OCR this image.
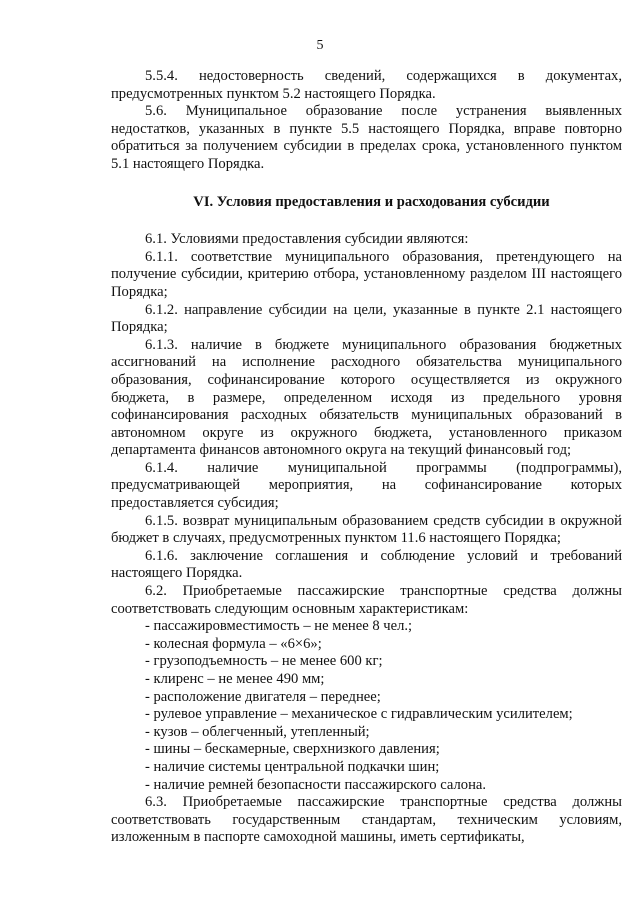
5

5.5.4. недостоверность сведений, содержащихся в документах, предусмотренных пунктом 5.2 настоящего Порядка.

5.6. Муниципальное образование после устранения выявленных недостатков, указанных в пункте 5.5 настоящего Порядка, вправе повторно обратиться за получением субсидии в пределах срока, установленного пунктом 5.1 настоящего Порядка.

VI. Условия предоставления и расходования субсидии

6.1. Условиями предоставления субсидии являются:

6.1.1. соответствие муниципального образования, претендующего на получение субсидии, критерию отбора, установленному разделом III настоящего Порядка;

6.1.2. направление субсидии на цели, указанные в пункте 2.1 настоящего Порядка;

6.1.3. наличие в бюджете муниципального образования бюджетных ассигнований на исполнение расходного обязательства муниципального образования, софинансирование которого осуществляется из окружного бюджета, в размере, определенном исходя из предельного уровня софинансирования расходных обязательств муниципальных образований в автономном округе из окружного бюджета, установленного приказом департамента финансов автономного округа на текущий финансовый год;

6.1.4. наличие муниципальной программы (подпрограммы), предусматривающей мероприятия, на софинансирование которых предоставляется субсидия;

6.1.5. возврат муниципальным образованием средств субсидии в окружной бюджет в случаях, предусмотренных пунктом 11.6 настоящего Порядка;

6.1.6. заключение соглашения и соблюдение условий и требований настоящего Порядка.

6.2. Приобретаемые пассажирские транспортные средства должны соответствовать следующим основным характеристикам:

- пассажировместимость – не менее 8 чел.;

- колесная формула – «6×6»;

- грузоподъемность – не менее 600 кг;

- клиренс – не менее 490 мм;

- расположение двигателя – переднее;

- рулевое управление – механическое с гидравлическим усилителем;

- кузов – облегченный, утепленный;

- шины – бескамерные, сверхнизкого давления;

- наличие системы центральной подкачки шин;

- наличие ремней безопасности пассажирского салона.

6.3. Приобретаемые пассажирские транспортные средства должны соответствовать государственным стандартам, техническим условиям, изложенным в паспорте самоходной машины, иметь сертификаты,
